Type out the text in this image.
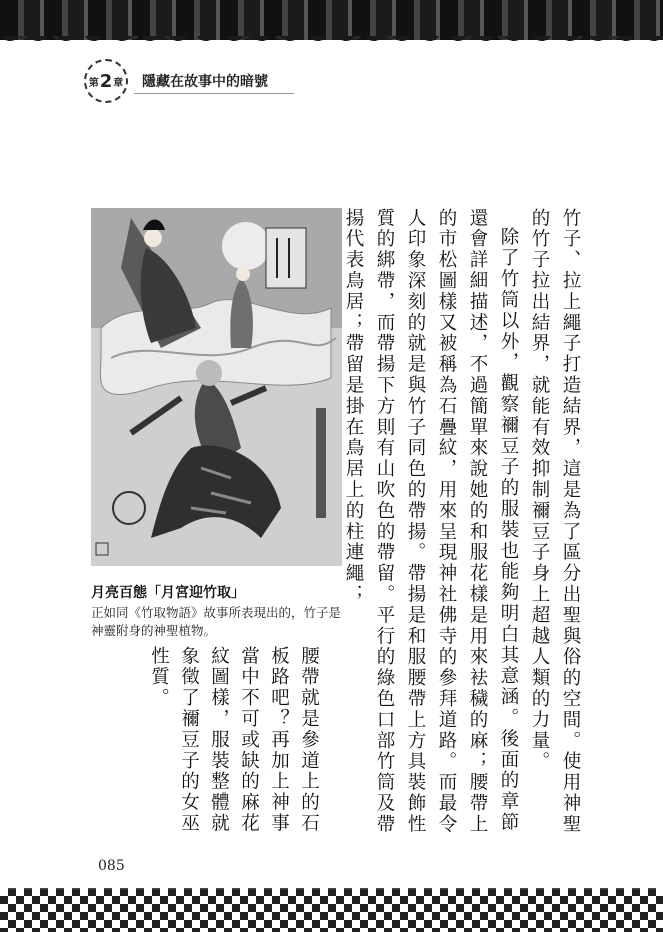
第 2 章	隱藏在故事中的暗號
月亮百態「月宮迎竹取」
正如同《竹取物語》故事所表現出的，竹子是神靈附身的神聖植物。	竹子、拉上繩子打造結界，這是為了區分出聖與俗的空間。使用神聖的竹子拉出結界，就能有效抑制禰豆子身上超越人類的力量。

除了竹筒以外，觀察禰豆子的服裝也能夠明白其意涵。後面的章節還會詳細描述，不過簡單來說她的和服花樣是用來袪穢的麻；腰帶上的市松圖樣又被稱為石疊紋，用來呈現神社佛寺的參拜道路。而最令人印象深刻的就是與竹子同色的帶揚。帶揚是和服腰帶上方具裝飾性質的綁帶，而帶揚下方則有山吹色的帶留。平行的綠色口部竹筒及帶揚代表鳥居；帶留是掛在鳥居上的柱連繩；

腰帶就是參道上的石板路吧？再加上神事當中不可或缺的麻花紋圖樣，服裝整體就象徵了禰豆子的女巫性質。

085
